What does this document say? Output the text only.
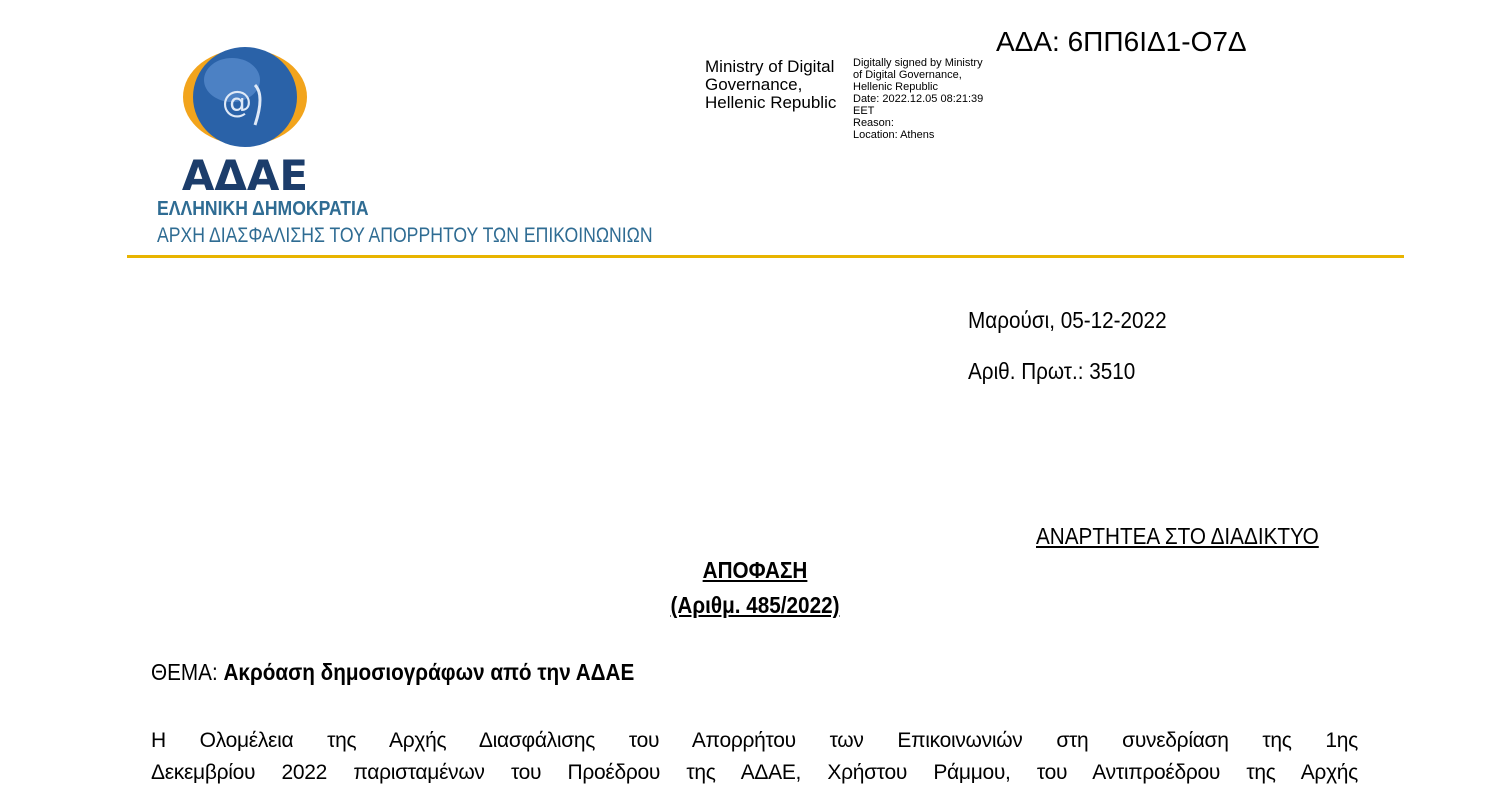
ΑΔΑ: 6ΠΠ6ΙΔ1-Ο7Δ
Ministry of Digital
Governance,
Hellenic Republic
Digitally signed by Ministry
of Digital Governance,
Hellenic Republic
Date: 2022.12.05 08:21:39
EET
Reason:
Location: Athens
@
ΑΔΑΕ
ΕΛΛΗΝΙΚΗ ΔΗΜΟΚΡΑΤΙΑ
ΑΡΧΗ ΔΙΑΣΦΑΛΙΣΗΣ ΤΟΥ ΑΠΟΡΡΗΤΟΥ ΤΩΝ ΕΠΙΚΟΙΝΩΝΙΩΝ
Μαρούσι, 05-12-2022
Αριθ. Πρωτ.: 3510
ΑΝΑΡΤΗΤΕΑ ΣΤΟ ΔΙΑΔΙΚΤΥΟ
ΑΠΟΦΑΣΗ
(Αριθμ. 485/2022)
ΘΕΜΑ: Ακρόαση δημοσιογράφων από την ΑΔΑΕ
Η Ολομέλεια της Αρχής Διασφάλισης του Απορρήτου των Επικοινωνιών στη συνεδρίαση της 1ης
Δεκεμβρίου 2022 παρισταμένων του Προέδρου της ΑΔΑΕ, Χρήστου Ράμμου, του Αντιπροέδρου της Αρχής
